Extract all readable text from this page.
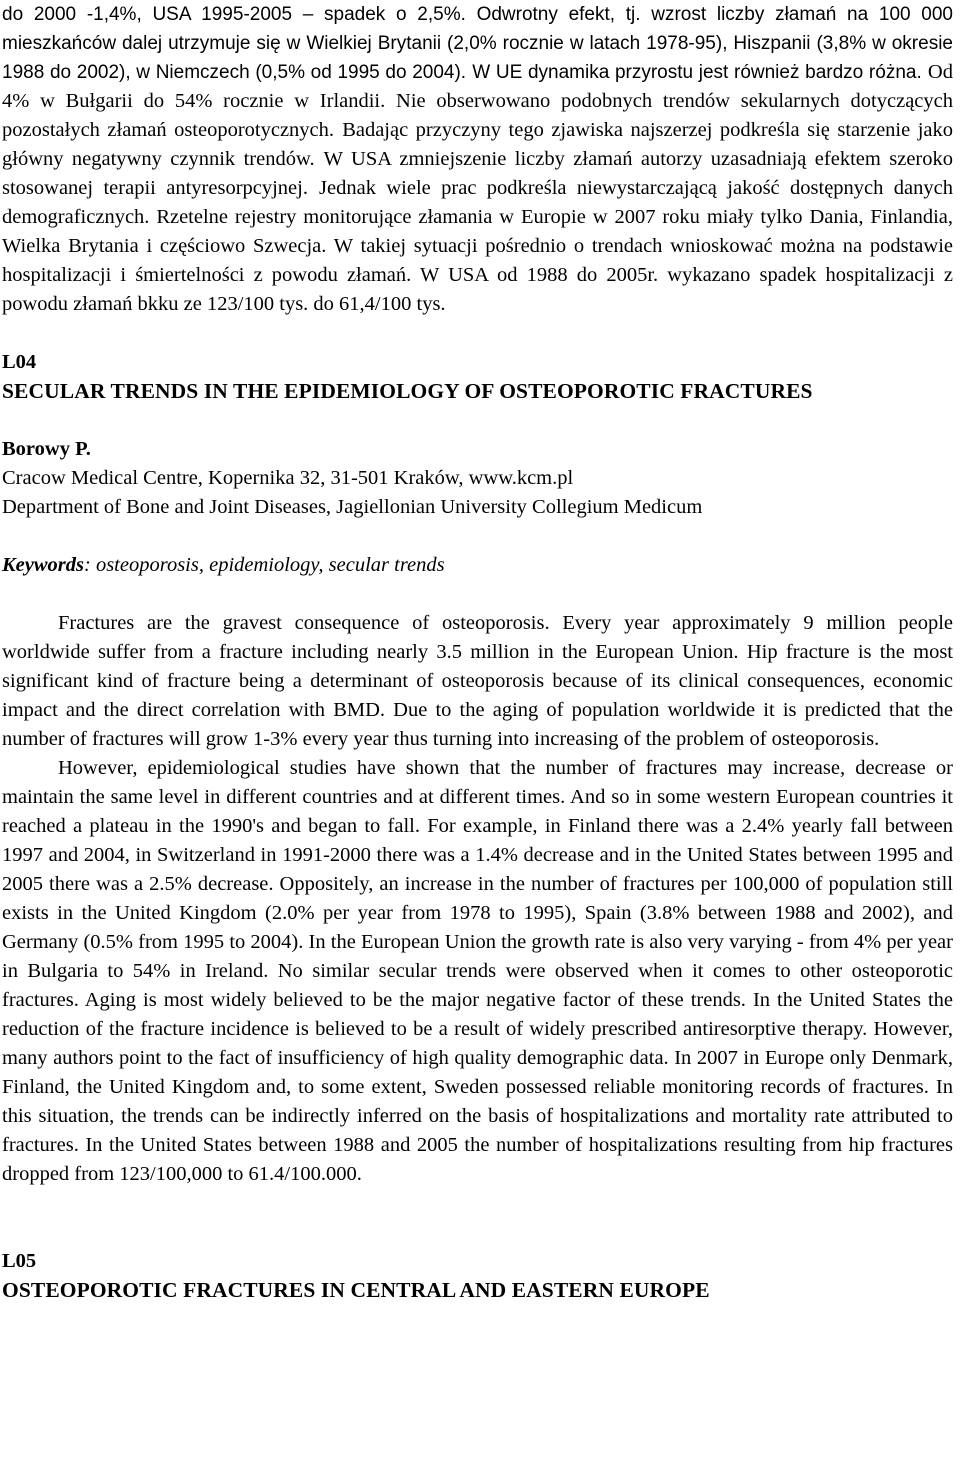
do 2000 -1,4%, USA 1995-2005 – spadek o 2,5%. Odwrotny efekt, tj. wzrost liczby złamań na 100 000 mieszkańców dalej utrzymuje się w Wielkiej Brytanii (2,0% rocznie w latach 1978-95), Hiszpanii (3,8% w okresie 1988 do 2002), w Niemczech (0,5% od 1995 do 2004). W UE dynamika przyrostu jest również bardzo różna. Od 4% w Bułgarii do 54% rocznie w Irlandii. Nie obserwowano podobnych trendów sekularnych dotyczących pozostałych złamań osteoporotycznych. Badając przyczyny tego zjawiska najszerzej podkreśla się starzenie jako główny negatywny czynnik trendów. W USA zmniejszenie liczby złamań autorzy uzasadniają efektem szeroko stosowanej terapii antyresorpcyjnej. Jednak wiele prac podkreśla niewystarczającą jakość dostępnych danych demograficznych. Rzetelne rejestry monitorujące złamania w Europie w 2007 roku miały tylko Dania, Finlandia, Wielka Brytania i częściowo Szwecja. W takiej sytuacji pośrednio o trendach wnioskować można na podstawie hospitalizacji i śmiertelności z powodu złamań. W USA od 1988 do 2005r. wykazano spadek hospitalizacji z powodu złamań bkku ze 123/100 tys. do 61,4/100 tys.

L04
SECULAR TRENDS IN THE EPIDEMIOLOGY OF OSTEOPOROTIC FRACTURES
Borowy P.
Cracow Medical Centre, Kopernika 32, 31-501 Kraków, www.kcm.pl
Department of Bone and Joint Diseases, Jagiellonian University Collegium Medicum
Keywords: osteoporosis, epidemiology, secular trends

Fractures are the gravest consequence of osteoporosis. Every year approximately 9 million people worldwide suffer from a fracture including nearly 3.5 million in the European Union. Hip fracture is the most significant kind of fracture being a determinant of osteoporosis because of its clinical consequences, economic impact and the direct correlation with BMD. Due to the aging of population worldwide it is predicted that the number of fractures will grow 1-3% every year thus turning into increasing of the problem of osteoporosis.

However, epidemiological studies have shown that the number of fractures may increase, decrease or maintain the same level in different countries and at different times. And so in some western European countries it reached a plateau in the 1990's and began to fall. For example, in Finland there was a 2.4% yearly fall between 1997 and 2004, in Switzerland in 1991-2000 there was a 1.4% decrease and in the United States between 1995 and 2005 there was a 2.5% decrease. Oppositely, an increase in the number of fractures per 100,000 of population still exists in the United Kingdom (2.0% per year from 1978 to 1995), Spain (3.8% between 1988 and 2002), and Germany (0.5% from 1995 to 2004). In the European Union the growth rate is also very varying - from 4% per year in Bulgaria to 54% in Ireland. No similar secular trends were observed when it comes to other osteoporotic fractures. Aging is most widely believed to be the major negative factor of these trends. In the United States the reduction of the fracture incidence is believed to be a result of widely prescribed antiresorptive therapy. However, many authors point to the fact of insufficiency of high quality demographic data. In 2007 in Europe only Denmark, Finland, the United Kingdom and, to some extent, Sweden possessed reliable monitoring records of fractures. In this situation, the trends can be indirectly inferred on the basis of hospitalizations and mortality rate attributed to fractures. In the United States between 1988 and 2005 the number of hospitalizations resulting from hip fractures dropped from 123/100,000 to 61.4/100.000.

L05
OSTEOPOROTIC FRACTURES IN CENTRAL AND EASTERN EUROPE
